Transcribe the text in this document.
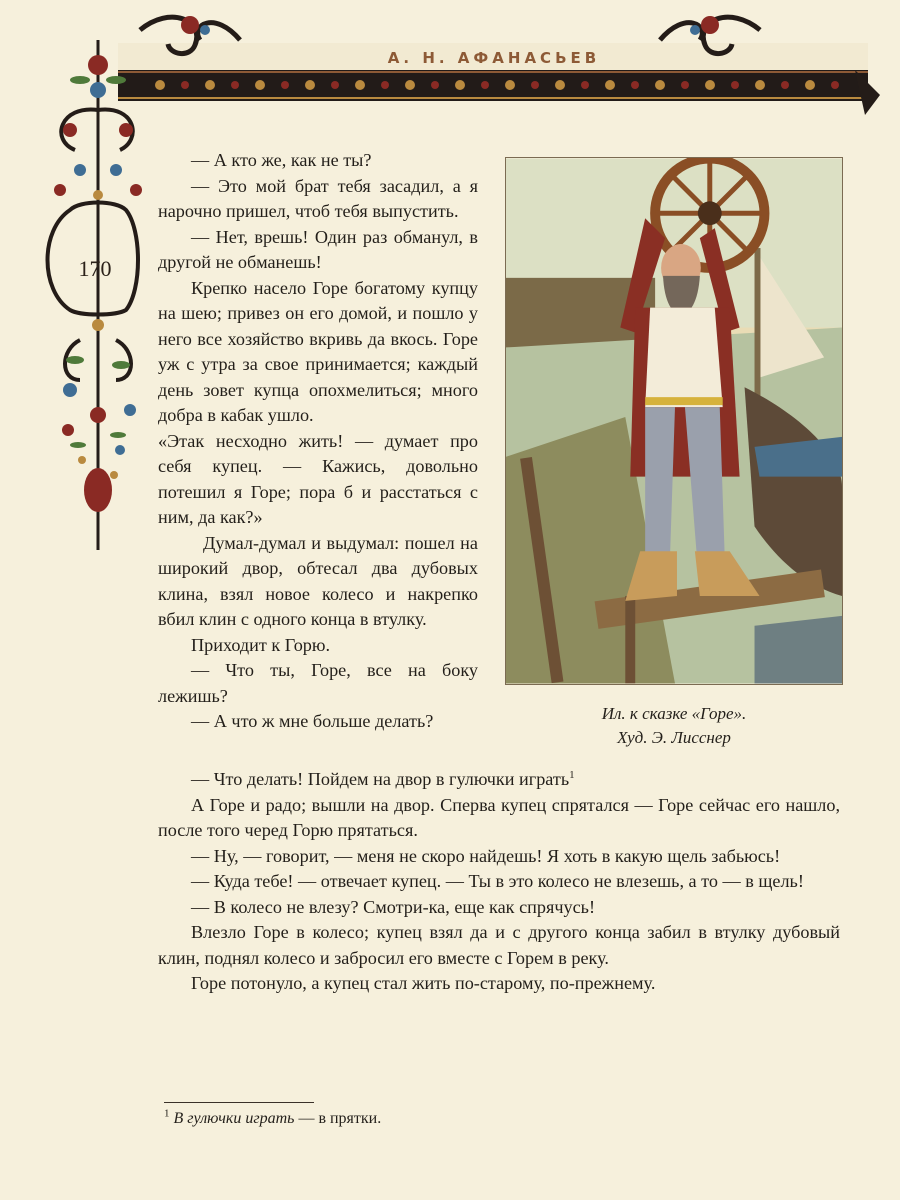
А. Н. АФАНАСЬЕВ
170

— А кто же, как не ты?

— Это мой брат тебя засадил, а я нарочно пришел, чтоб тебя выпустить.

— Нет, врешь! Один раз обманул, в другой не обманешь!

Крепко насело Горе богатому купцу на шею; привез он его домой, и пошло у него все хозяйство вкривь да вкось. Горе уж с утра за свое принимается; каждый день зовет купца опохмелиться; много добра в кабак ушло.

«Этак несходно жить! — думает про себя купец. — Кажись, довольно потешил я Горе; пора б и расстаться с ним, да как?»

Думал-думал и выдумал: пошел на широкий двор, обтесал два дубовых клина, взял новое колесо и накрепко вбил клин с одного конца в втулку.

Приходит к Горю.

— Что ты, Горе, все на боку лежишь?

— А что ж мне больше делать?	Ил. к сказке «Горе».
Худ. Э. Лисснер

— Что делать! Пойдем на двор в гулючки играть$^1$

А Горе и радо; вышли на двор. Сперва купец спрятался — Горе сейчас его нашло, после того черед Горю прятаться.

— Ну, — говорит, — меня не скоро найдешь! Я хоть в какую щель забьюсь!

— Куда тебе! — отвечает купец. — Ты в это колесо не влезешь, а то — в щель!

— В колесо не влезу? Смотри-ка, еще как спрячусь!

Влезло Горе в колесо; купец взял да и с другого конца забил в втулку дубовый клин, поднял колесо и забросил его вместе с Горем в реку.

Горе потонуло, а купец стал жить по-старому, по-прежнему.

$^1$ В гулючки играть — в прятки.
